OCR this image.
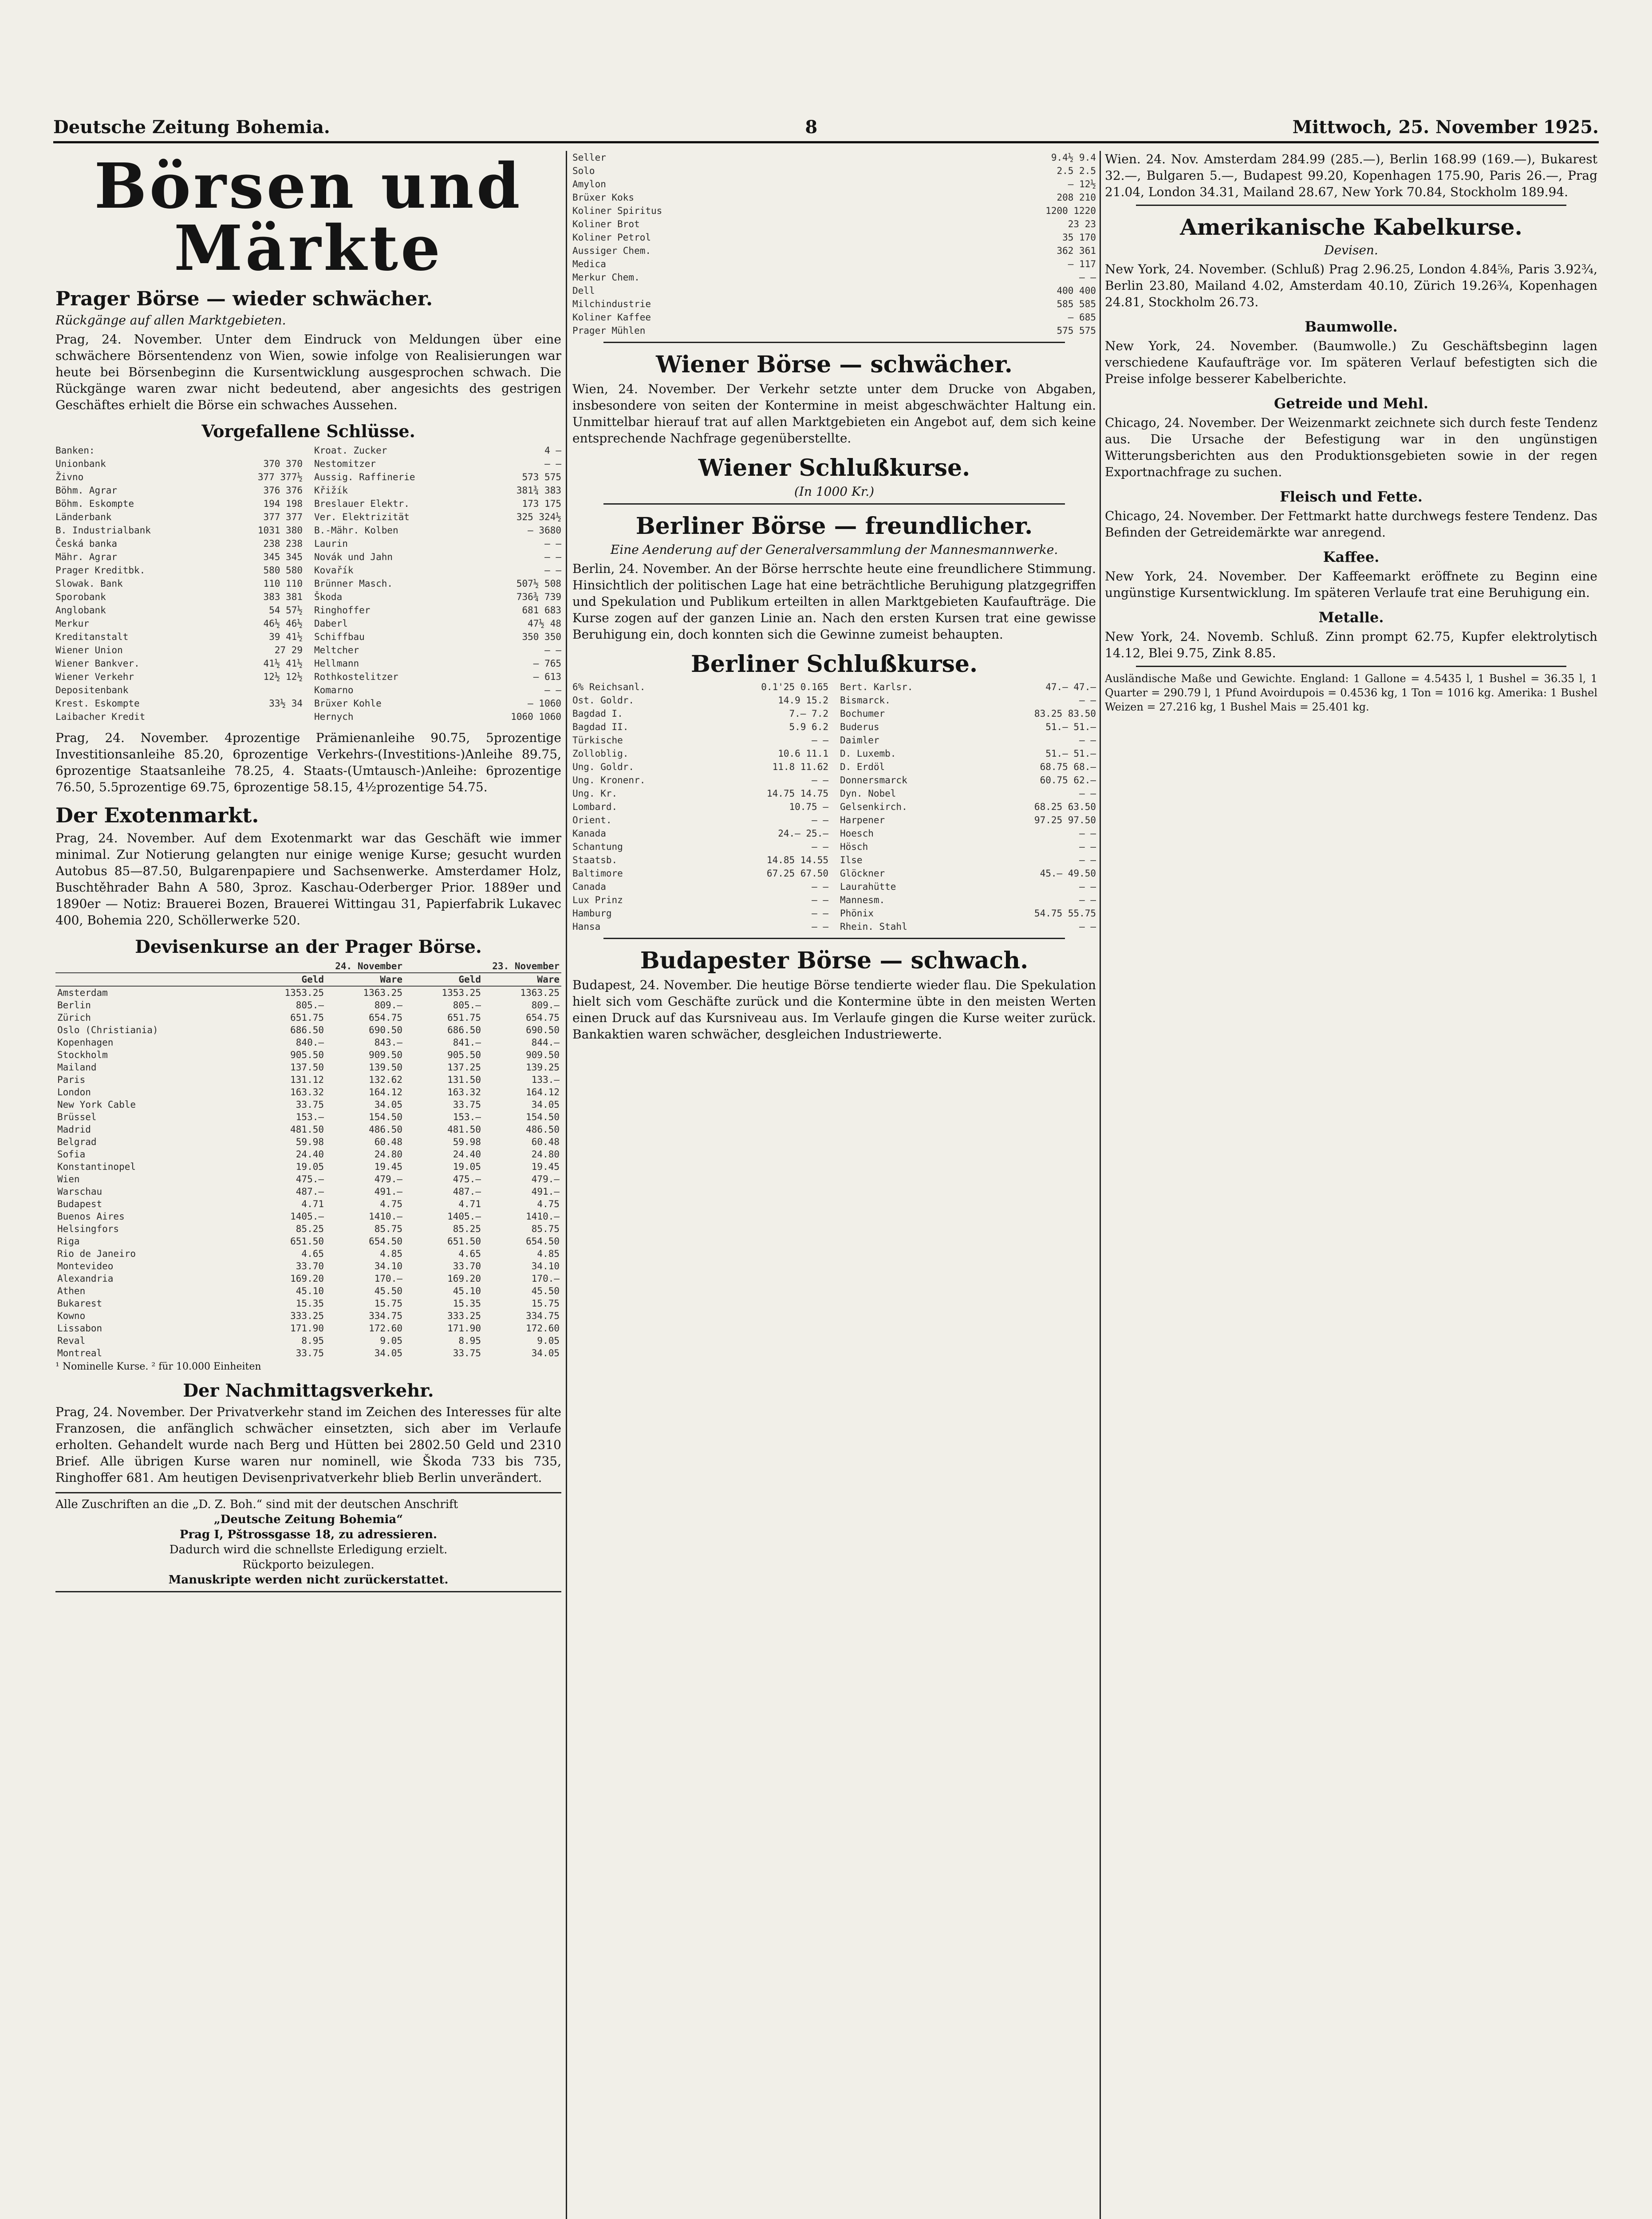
Deutsche Zeitung Bohemia.	8	Mittwoch, 25. November 1925.
Börsen und Märkte
Prager Börse — wieder schwächer.
Rückgänge auf allen Marktgebieten.

Prag, 24. November. Unter dem Eindruck von Meldungen über eine schwächere Börsentendenz von Wien, sowie infolge von Realisierungen war heute bei Börsenbeginn die Kursentwicklung ausgesprochen schwach. Die Rückgänge waren zwar nicht bedeutend, aber angesichts des gestrigen Geschäftes erhielt die Börse ein schwaches Aussehen.

Vorgefallene Schlüsse.
Banken:
Unionbank	370 370
Živno	377 377½
Böhm. Agrar	376 376
Böhm. Eskompte	194 198
Länderbank	377 377
B. Industrialbank	1031 380
Česká banka	238 238
Mähr. Agrar	345 345
Prager Kreditbk.	580 580
Slowak. Bank	110 110
Sporobank	383 381
Anglobank	54 57½
Merkur	46½ 46½
Kreditanstalt	39 41½
Wiener Union	27 29
Wiener Bankver.	41½ 41½
Wiener Verkehr	12½ 12½
Depositenbank
Krest. Eskompte	33½ 34
Laibacher Kredit
Kroat. Zucker	4 —
Nestomitzer	— —
Aussig. Raffinerie	573 575
Křižík	381¾ 383
Breslauer Elektr.	173 175
Ver. Elektrizität	325 324½
B.-Mähr. Kolben	— 3680
Laurin	— —
Novák und Jahn	— —
Kovařík	— —
Brünner Masch.	507½ 508
Škoda	736¾ 739
Ringhoffer	681 683
Daberl	47½ 48
Schiffbau	350 350
Meltcher	— —
Hellmann	— 765
Rothkostelitzer	— 613
Komarno	— —
Brüxer Kohle	— 1060
Hernych	1060 1060

Prag, 24. November. 4prozentige Prämienanleihe 90.75, 5prozentige Investitionsanleihe 85.20, 6prozentige Verkehrs-(Investitions-)Anleihe 89.75, 6prozentige Staatsanleihe 78.25, 4. Staats-(Umtausch-)Anleihe: 6prozentige 76.50, 5.5prozentige 69.75, 6prozentige 58.15, 4½prozentige 54.75.

Der Exotenmarkt.

Prag, 24. November. Auf dem Exotenmarkt war das Geschäft wie immer minimal. Zur Notierung gelangten nur einige wenige Kurse; gesucht wurden Autobus 85—87.50, Bulgarenpapiere und Sachsenwerke. Amsterdamer Holz, Buschtěhrader Bahn A 580, 3proz. Kaschau-Oderberger Prior. 1889er und 1890er — Notiz: Brauerei Bozen, Brauerei Wittingau 31, Papierfabrik Lukavec 400, Bohemia 220, Schöllerwerke 520.

Devisenkurse an der Prager Börse.
	24. November		23. November	
	Geld	Ware	Geld	Ware
Amsterdam	1353.25	1363.25	1353.25	1363.25
Berlin	805.—	809.—	805.—	809.—
Zürich	651.75	654.75	651.75	654.75
Oslo (Christiania)	686.50	690.50	686.50	690.50
Kopenhagen	840.—	843.—	841.—	844.—
Stockholm	905.50	909.50	905.50	909.50
Mailand	137.50	139.50	137.25	139.25
Paris	131.12	132.62	131.50	133.—
London	163.32	164.12	163.32	164.12
New York Cable	33.75	34.05	33.75	34.05
Brüssel	153.—	154.50	153.—	154.50
Madrid	481.50	486.50	481.50	486.50
Belgrad	59.98	60.48	59.98	60.48
Sofia	24.40	24.80	24.40	24.80
Konstantinopel	19.05	19.45	19.05	19.45
Wien	475.—	479.—	475.—	479.—
Warschau	487.—	491.—	487.—	491.—
Budapest	4.71	4.75	4.71	4.75
Buenos Aires	1405.—	1410.—	1405.—	1410.—
Helsingfors	85.25	85.75	85.25	85.75
Riga	651.50	654.50	651.50	654.50
Rio de Janeiro	4.65	4.85	4.65	4.85
Montevideo	33.70	34.10	33.70	34.10
Alexandria	169.20	170.—	169.20	170.—
Athen	45.10	45.50	45.10	45.50
Bukarest	15.35	15.75	15.35	15.75
Kowno	333.25	334.75	333.25	334.75
Lissabon	171.90	172.60	171.90	172.60
Reval	8.95	9.05	8.95	9.05
Montreal	33.75	34.05	33.75	34.05
¹ Nominelle Kurse. ² für 10.000 Einheiten
Der Nachmittagsverkehr.

Prag, 24. November. Der Privatverkehr stand im Zeichen des Interesses für alte Franzosen, die anfänglich schwächer einsetzten, sich aber im Verlaufe erholten. Gehandelt wurde nach Berg und Hütten bei 2802.50 Geld und 2310 Brief. Alle übrigen Kurse waren nur nominell, wie Škoda 733 bis 735, Ringhoffer 681. Am heutigen Devisenprivatverkehr blieb Berlin unverändert.

Alle Zuschriften an die „D. Z. Boh.“ sind mit der deutschen Anschrift
„Deutsche Zeitung Bohemia“
Prag I, Pštrossgasse 18, zu adressieren.
Dadurch wird die schnellste Erledigung erzielt.
Rückporto beizulegen.
Manuskripte werden nicht zurückerstattet.
Seller	9.4½ 9.4
Solo	2.5 2.5
Amylon	— 12½
Brüxer Koks	208 210
Koliner Spiritus	1200 1220
Koliner Brot	23 23
Koliner Petrol	35 170
Aussiger Chem.	362 361
Medica	— 117
Merkur Chem.	— —
Dell	400 400
Milchindustrie	585 585
Koliner Kaffee	— 685
Prager Mühlen	575 575
Wiener Börse — schwächer.

Wien, 24. November. Der Verkehr setzte unter dem Drucke von Abgaben, insbesondere von seiten der Kontermine in meist abgeschwächter Haltung ein. Unmittelbar hierauf trat auf allen Marktgebieten ein Angebot auf, dem sich keine entsprechende Nachfrage gegenüberstellte.

Wiener Schlußkurse.
(In 1000 Kr.)
Berliner Börse — freundlicher.
Eine Aenderung auf der Generalversammlung der Mannesmannwerke.

Berlin, 24. November. An der Börse herrschte heute eine freundlichere Stimmung. Hinsichtlich der politischen Lage hat eine beträchtliche Beruhigung platzgegriffen und Spekulation und Publikum erteilten in allen Marktgebieten Kaufaufträge. Die Kurse zogen auf der ganzen Linie an. Nach den ersten Kursen trat eine gewisse Beruhigung ein, doch konnten sich die Gewinne zumeist behaupten.

Berliner Schlußkurse.
6% Reichsanl.	0.1'25 0.165
Ost. Goldr.	14.9 15.2
Bagdad I.	7.— 7.2
Bagdad II.	5.9 6.2
Türkische	— —
Zolloblig.	10.6 11.1
Ung. Goldr.	11.8 11.62
Ung. Kronenr.	— —
Ung. Kr.	14.75 14.75
Lombard.	10.75 —
Orient.	— —
Kanada	24.— 25.—
Schantung	— —
Staatsb.	14.85 14.55
Baltimore	67.25 67.50
Canada	— —
Lux Prinz	— —
Hamburg	— —
Hansa	— —
Bert. Karlsr.	47.— 47.—
Bismarck.	— —
Bochumer	83.25 83.50
Buderus	51.— 51.—
Daimler	— —
D. Luxemb.	51.— 51.—
D. Erdöl	68.75 68.—
Donnersmarck	60.75 62.—
Dyn. Nobel	— —
Gelsenkirch.	68.25 63.50
Harpener	97.25 97.50
Hoesch	— —
Hösch	— —
Ilse	— —
Glöckner	45.— 49.50
Laurahütte	— —
Mannesm.	— —
Phönix	54.75 55.75
Rhein. Stahl	— —
Budapester Börse — schwach.

Budapest, 24. November. Die heutige Börse tendierte wieder flau. Die Spekulation hielt sich vom Geschäfte zurück und die Kontermine übte in den meisten Werten einen Druck auf das Kursniveau aus. Im Verlaufe gingen die Kurse weiter zurück. Bankaktien waren schwächer, desgleichen Industriewerte.

Wien. 24. Nov. Amsterdam 284.99 (285.—), Berlin 168.99 (169.—), Bukarest 32.—, Bulgaren 5.—, Budapest 99.20, Kopenhagen 175.90, Paris 26.—, Prag 21.04, London 34.31, Mailand 28.67, New York 70.84, Stockholm 189.94.

Amerikanische Kabelkurse.
Devisen.

New York, 24. November. (Schluß) Prag 2.96.25, London 4.84⅝, Paris 3.92¾, Berlin 23.80, Mailand 4.02, Amsterdam 40.10, Zürich 19.26¾, Kopenhagen 24.81, Stockholm 26.73.

Baumwolle.

New York, 24. November. (Baumwolle.) Zu Geschäftsbeginn lagen verschiedene Kaufaufträge vor. Im späteren Verlauf befestigten sich die Preise infolge besserer Kabelberichte.

Getreide und Mehl.

Chicago, 24. November. Der Weizenmarkt zeichnete sich durch feste Tendenz aus. Die Ursache der Befestigung war in den ungünstigen Witterungsberichten aus den Produktionsgebieten sowie in der regen Exportnachfrage zu suchen.

Fleisch und Fette.

Chicago, 24. November. Der Fettmarkt hatte durchwegs festere Tendenz. Das Befinden der Getreidemärkte war anregend.

Kaffee.

New York, 24. November. Der Kaffeemarkt eröffnete zu Beginn eine ungünstige Kursentwicklung. Im späteren Verlaufe trat eine Beruhigung ein.

Metalle.

New York, 24. Novemb. Schluß. Zinn prompt 62.75, Kupfer elektrolytisch 14.12, Blei 9.75, Zink 8.85.

Ausländische Maße und Gewichte. England: 1 Gallone = 4.5435 l, 1 Bushel = 36.35 l, 1 Quarter = 290.79 l, 1 Pfund Avoirdupois = 0.4536 kg, 1 Ton = 1016 kg. Amerika: 1 Bushel Weizen = 27.216 kg, 1 Bushel Mais = 25.401 kg.
